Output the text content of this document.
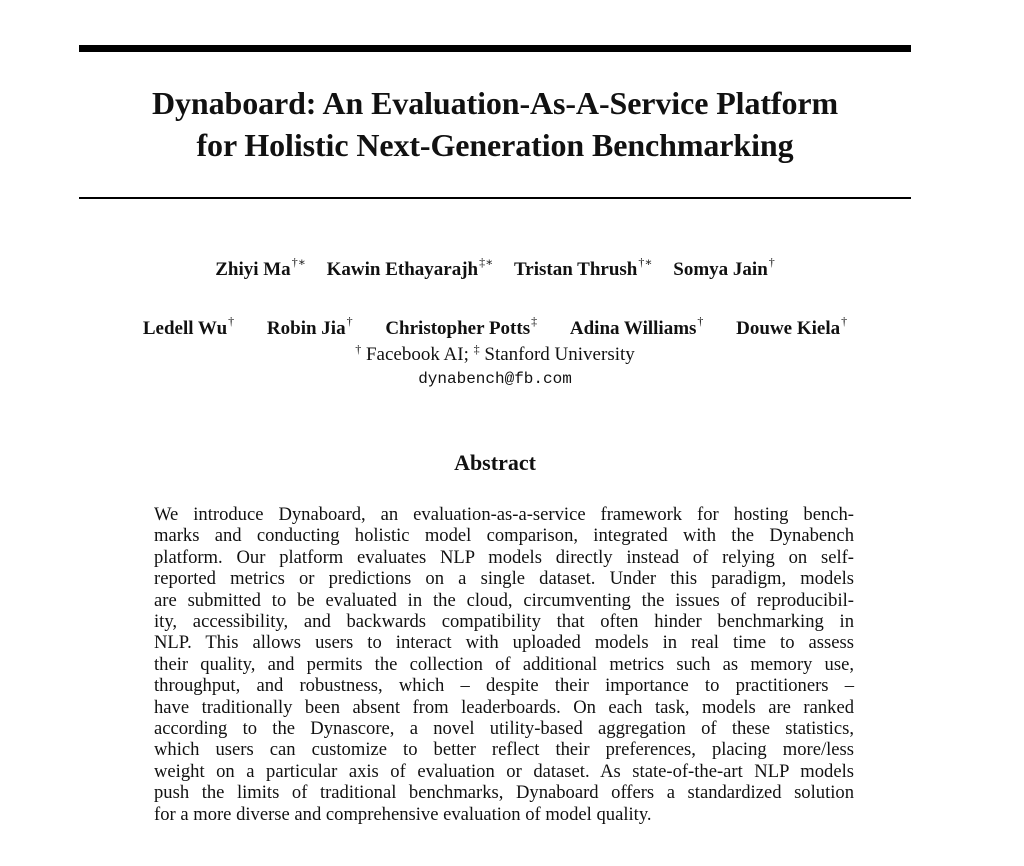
Dynaboard: An Evaluation-As-A-Service Platform
for Holistic Next-Generation Benchmarking
Zhiyi Ma†∗ Kawin Ethayarajh‡∗ Tristan Thrush†∗ Somya Jain†
Ledell Wu† Robin Jia† Christopher Potts‡ Adina Williams† Douwe Kiela†
† Facebook AI; ‡ Stanford University
dynabench@fb.com
Abstract
We introduce Dynaboard, an evaluation-as-a-service framework for hosting bench-
marks and conducting holistic model comparison, integrated with the Dynabench
platform. Our platform evaluates NLP models directly instead of relying on self-
reported metrics or predictions on a single dataset. Under this paradigm, models
are submitted to be evaluated in the cloud, circumventing the issues of reproducibil-
ity, accessibility, and backwards compatibility that often hinder benchmarking in
NLP. This allows users to interact with uploaded models in real time to assess
their quality, and permits the collection of additional metrics such as memory use,
throughput, and robustness, which – despite their importance to practitioners –
have traditionally been absent from leaderboards. On each task, models are ranked
according to the Dynascore, a novel utility-based aggregation of these statistics,
which users can customize to better reflect their preferences, placing more/less
weight on a particular axis of evaluation or dataset. As state-of-the-art NLP models
push the limits of traditional benchmarks, Dynaboard offers a standardized solution
for a more diverse and comprehensive evaluation of model quality.
